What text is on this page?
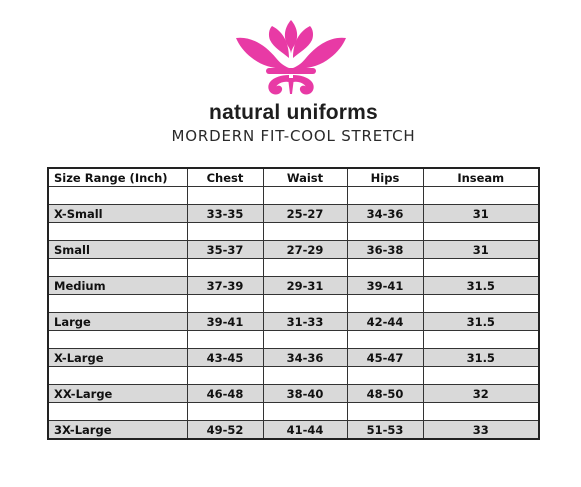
natural uniforms
MORDERN FIT-COOL STRETCH
Size Range (Inch)	Chest	Waist	Hips	Inseam

X-Small	33-35	25-27	34-36	31

Small	35-37	27-29	36-38	31

Medium	37-39	29-31	39-41	31.5

Large	39-41	31-33	42-44	31.5

X-Large	43-45	34-36	45-47	31.5

XX-Large	46-48	38-40	48-50	32

3X-Large	49-52	41-44	51-53	33
